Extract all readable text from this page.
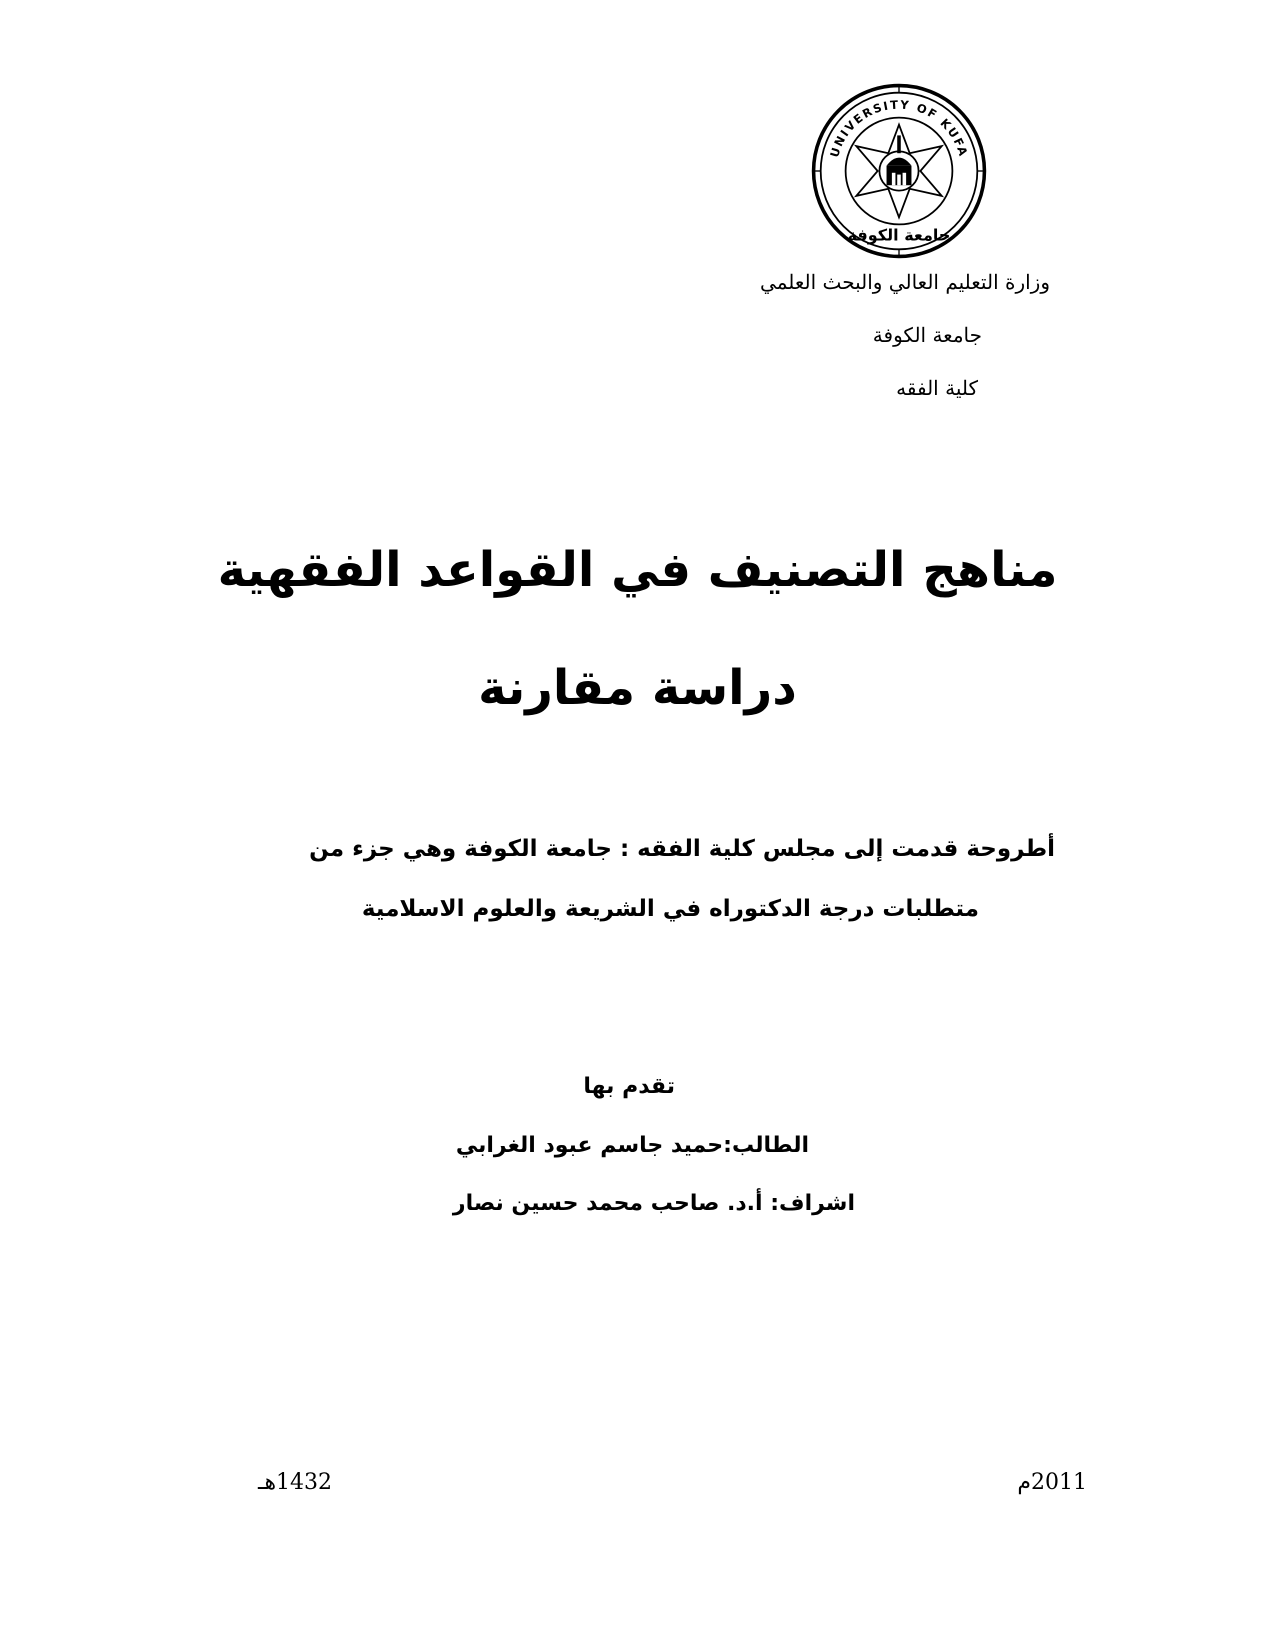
UNIVERSITY OF KUFA
جامعة الكوفة

وزارة التعليم العالي والبحث العلمي

جامعة الكوفة

كلية الفقه

مناهج التصنيف في القواعد الفقهية
دراسة مقارنة
أطروحة قدمت إلى مجلس كلية الفقه : جامعة الكوفة وهي جزء من
متطلبات درجة الدكتوراه في الشريعة والعلوم الاسلامية
تقدم بها
الطالب:حميد جاسم عبود الغرابي
اشراف: أ.د. صاحب محمد حسين نصار
1432هـ	2011م
